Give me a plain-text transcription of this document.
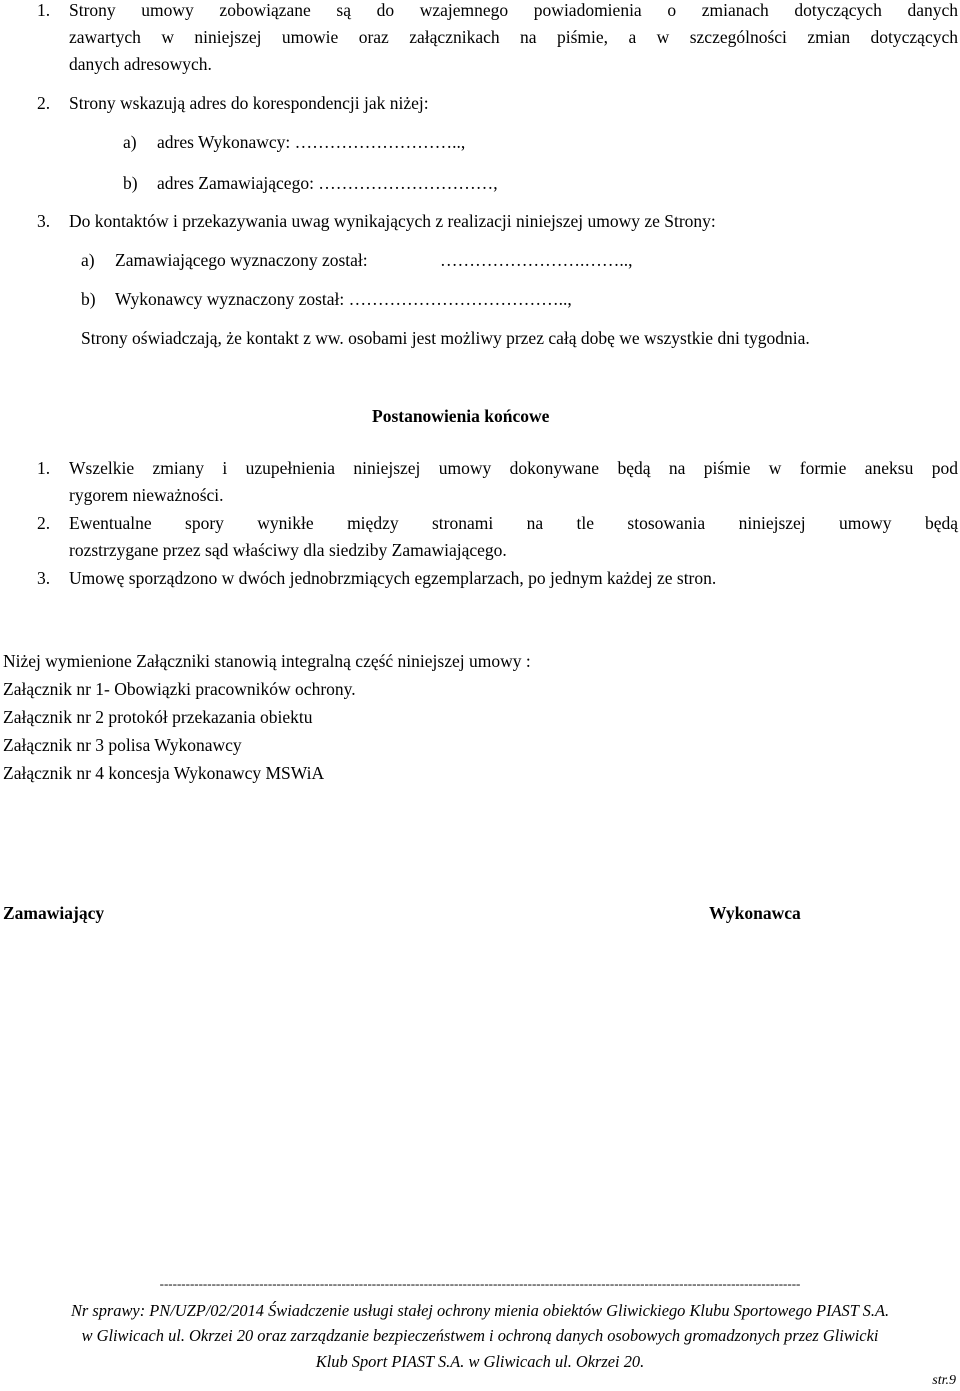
1. Strony umowy zobowiązane są do wzajemnego powiadomienia o zmianach dotyczących danych
zawartych w niniejszej umowie oraz załącznikach na piśmie, a w szczególności zmian dotyczących
danych adresowych.
2. Strony wskazują adres do korespondencji jak niżej:
a) adres Wykonawcy: ………………………..,
b) adres Zamawiającego: …………………………,
3. Do kontaktów i przekazywania uwag wynikających z realizacji niniejszej umowy ze Strony:
a) Zamawiającego wyznaczony został:	…………………….……..,
b) Wykonawcy wyznaczony został: ………………………………..,
Strony oświadczają, że kontakt z ww. osobami jest możliwy przez całą dobę we wszystkie dni tygodnia.
Postanowienia końcowe
1. Wszelkie zmiany i uzupełnienia niniejszej umowy dokonywane będą na piśmie w formie aneksu pod
rygorem nieważności.
2. Ewentualne spory wynikłe między stronami na tle stosowania niniejszej umowy będą
rozstrzygane przez sąd właściwy dla siedziby Zamawiającego.
3. Umowę sporządzono w dwóch jednobrzmiących egzemplarzach, po jednym każdej ze stron.
Niżej wymienione Załączniki stanowią integralną część niniejszej umowy :
Załącznik nr 1- Obowiązki pracowników ochrony.
Załącznik nr 2 protokół przekazania obiektu
Załącznik nr 3 polisa Wykonawcy
Załącznik nr 4 koncesja Wykonawcy MSWiA
Zamawiający	Wykonawca
----------------------------------------------------------------------------------------------------------------------------------------------------
Nr sprawy: PN/UZP/02/2014 Świadczenie usługi stałej ochrony mienia obiektów Gliwickiego Klubu Sportowego PIAST S.A.
w Gliwicach ul. Okrzei 20 oraz zarządzanie bezpieczeństwem i ochroną danych osobowych gromadzonych przez Gliwicki
Klub Sport PIAST S.A. w Gliwicach ul. Okrzei 20.
str.9
